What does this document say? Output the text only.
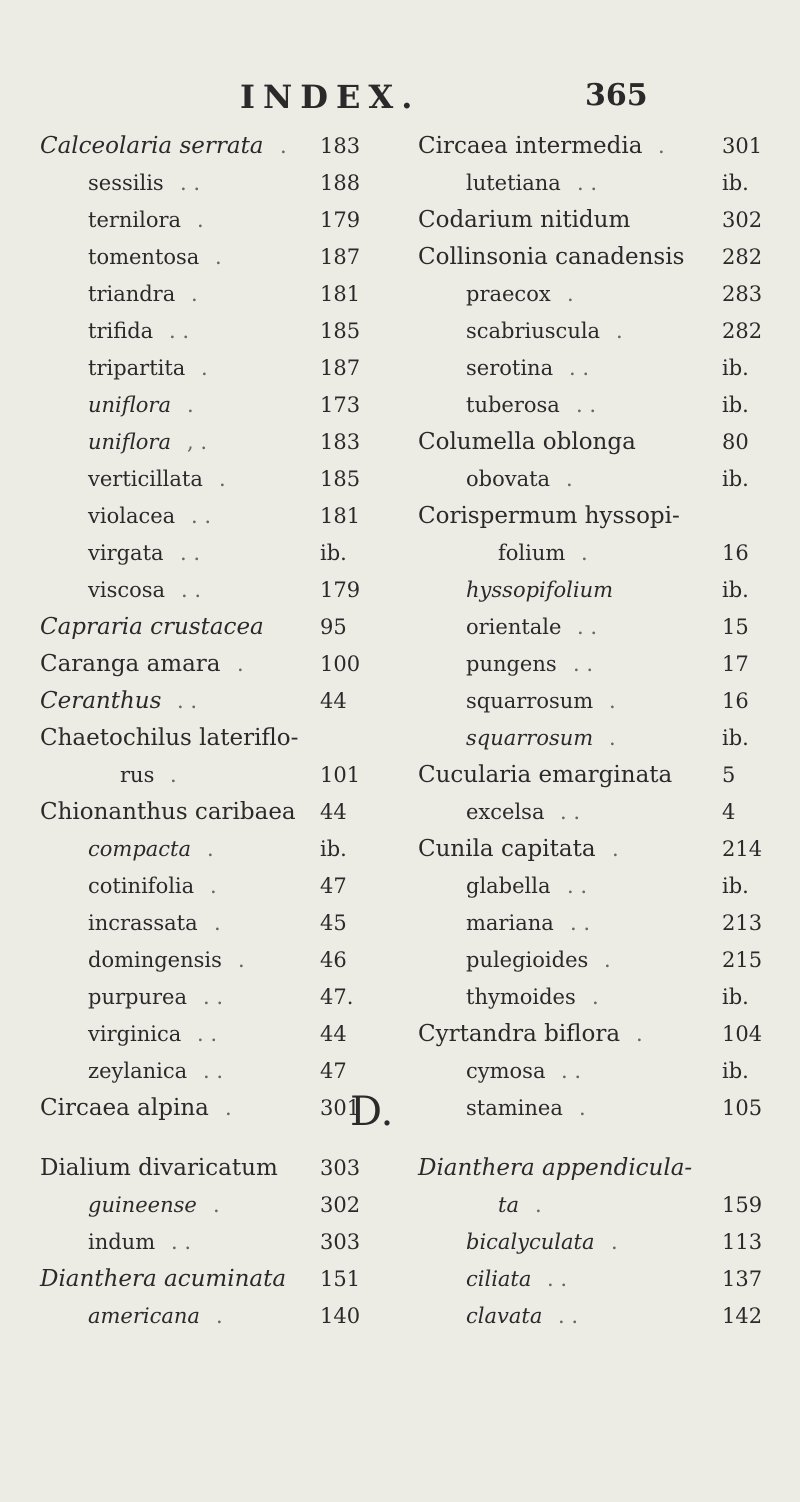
INDEX.	365
Calceolaria serrata . 183
sessilis . .	188
ternilora .	179
tomentosa .	187
triandra .	181
trifida . .	185
tripartita .	187
uniflora .	173
uniflora , .	183
verticillata .	185
violacea . .	181
virgata . .	ib.
viscosa . .	179
Capraria crustacea	95
Caranga amara .	100
Ceranthus . .	44
Chaetochilus lateriflo-
rus .	101
Chionanthus caribaea 44
compacta .	ib.
cotinifolia .	47
incrassata .	45
domingensis .	46
purpurea . .	47.
virginica . .	44
zeylanica . .	47
Circaea alpina .	301
Circaea intermedia .	301
lutetiana . .	ib.
Codarium nitidum	302
Collinsonia canadensis 282
praecox .	283
scabriuscula .	282
serotina . .	ib.
tuberosa . .	ib.
Columella oblonga	80
obovata .	ib.
Corispermum hyssopi-
folium .	16
hyssopifolium	ib.
orientale . .	15
pungens . .	17
squarrosum .	16
squarrosum .	ib.
Cucularia emarginata 5
excelsa . .	4
Cunila capitata .	214
glabella . .	ib.
mariana . .	213
pulegioides .	215
thymoides .	ib.
Cyrtandra biflora .	104
cymosa . .	ib.
staminea .	105
D.
Dialium divaricatum 303
guineense .	302
indum . .	303
Dianthera acuminata 151
americana .	140
Dianthera appendicula-
ta .	159
bicalyculata .	113
ciliata . .	137
clavata . .	142
